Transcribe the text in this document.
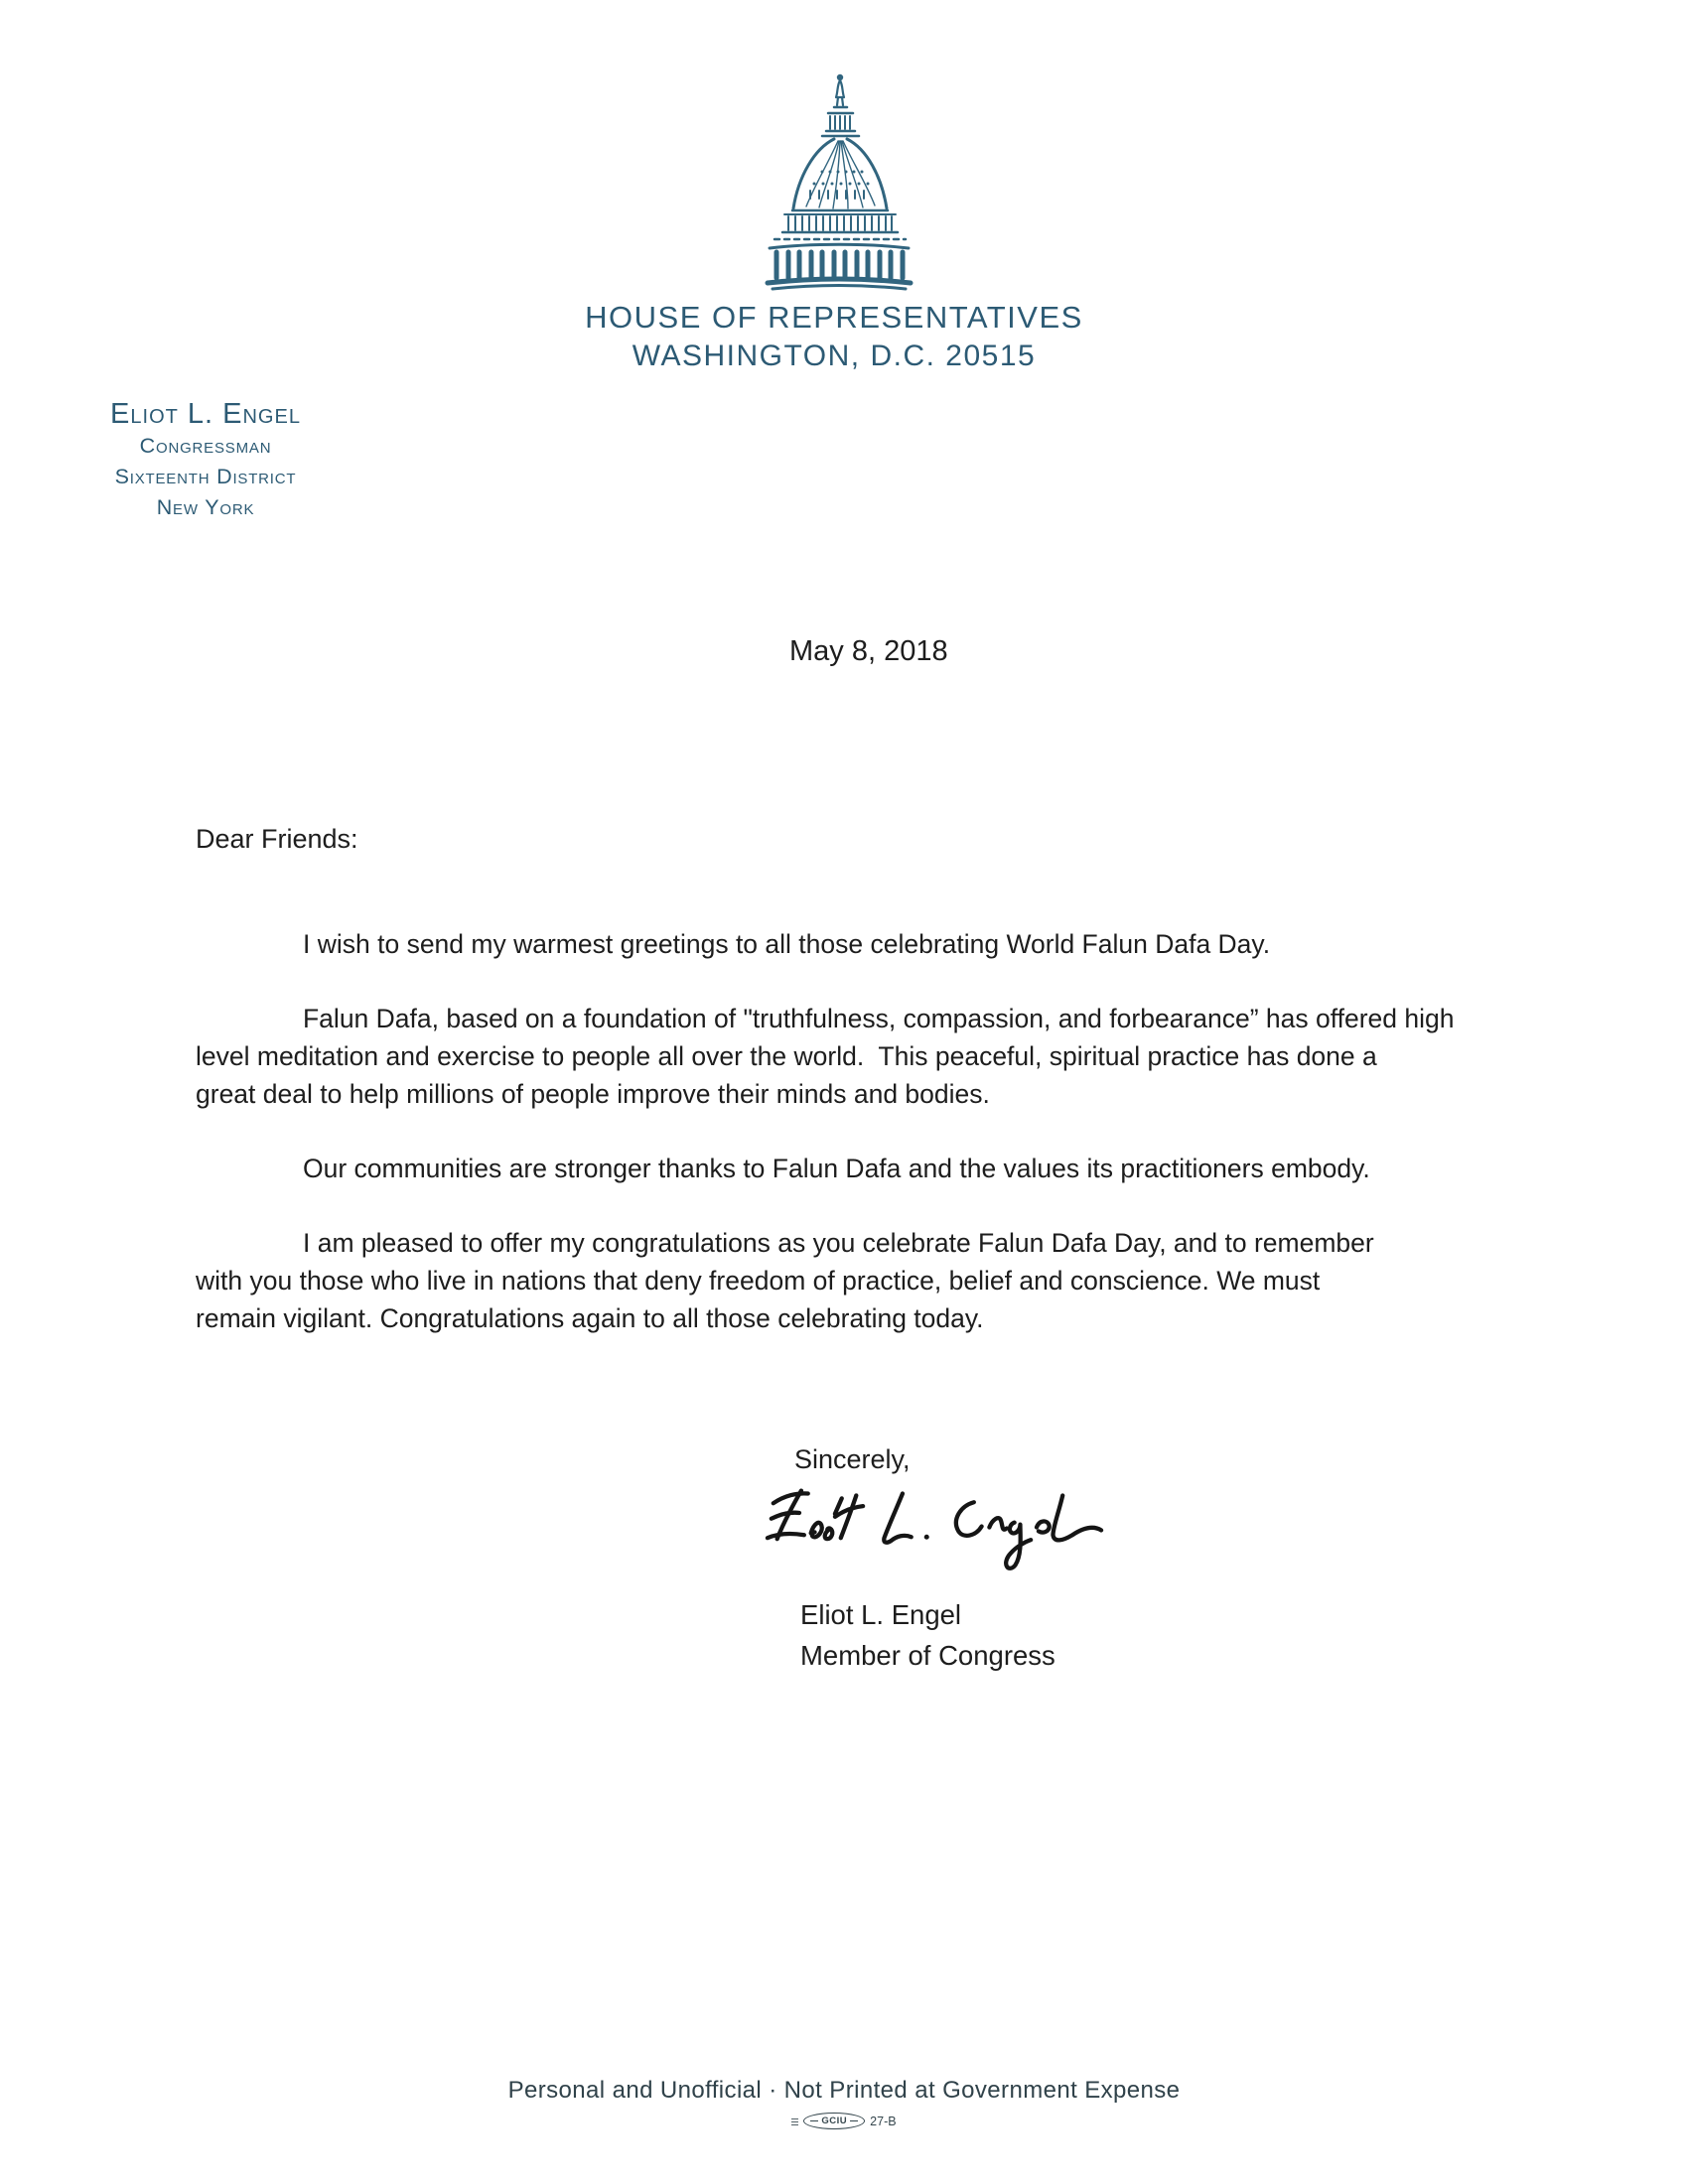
HOUSE OF REPRESENTATIVES
WASHINGTON, D.C. 20515
Eliot L. Engel
Congressman
Sixteenth District
New York
May 8, 2018
Dear Friends:

I wish to send my warmest greetings to all those celebrating World Falun Dafa Day.

Falun Dafa, based on a foundation of "truthfulness, compassion, and forbearance” has offered high
level meditation and exercise to people all over the world.  This peaceful, spiritual practice has done a
great deal to help millions of people improve their minds and bodies.

Our communities are stronger thanks to Falun Dafa and the values its practitioners embody.

I am pleased to offer my congratulations as you celebrate Falun Dafa Day, and to remember
with you those who live in nations that deny freedom of practice, belief and conscience. We must
remain vigilant. Congratulations again to all those celebrating today.

Sincerely,
Eliot L. Engel
Member of Congress
Personal and Unofficial · Not Printed at Government Expense
GCIU 27-B
